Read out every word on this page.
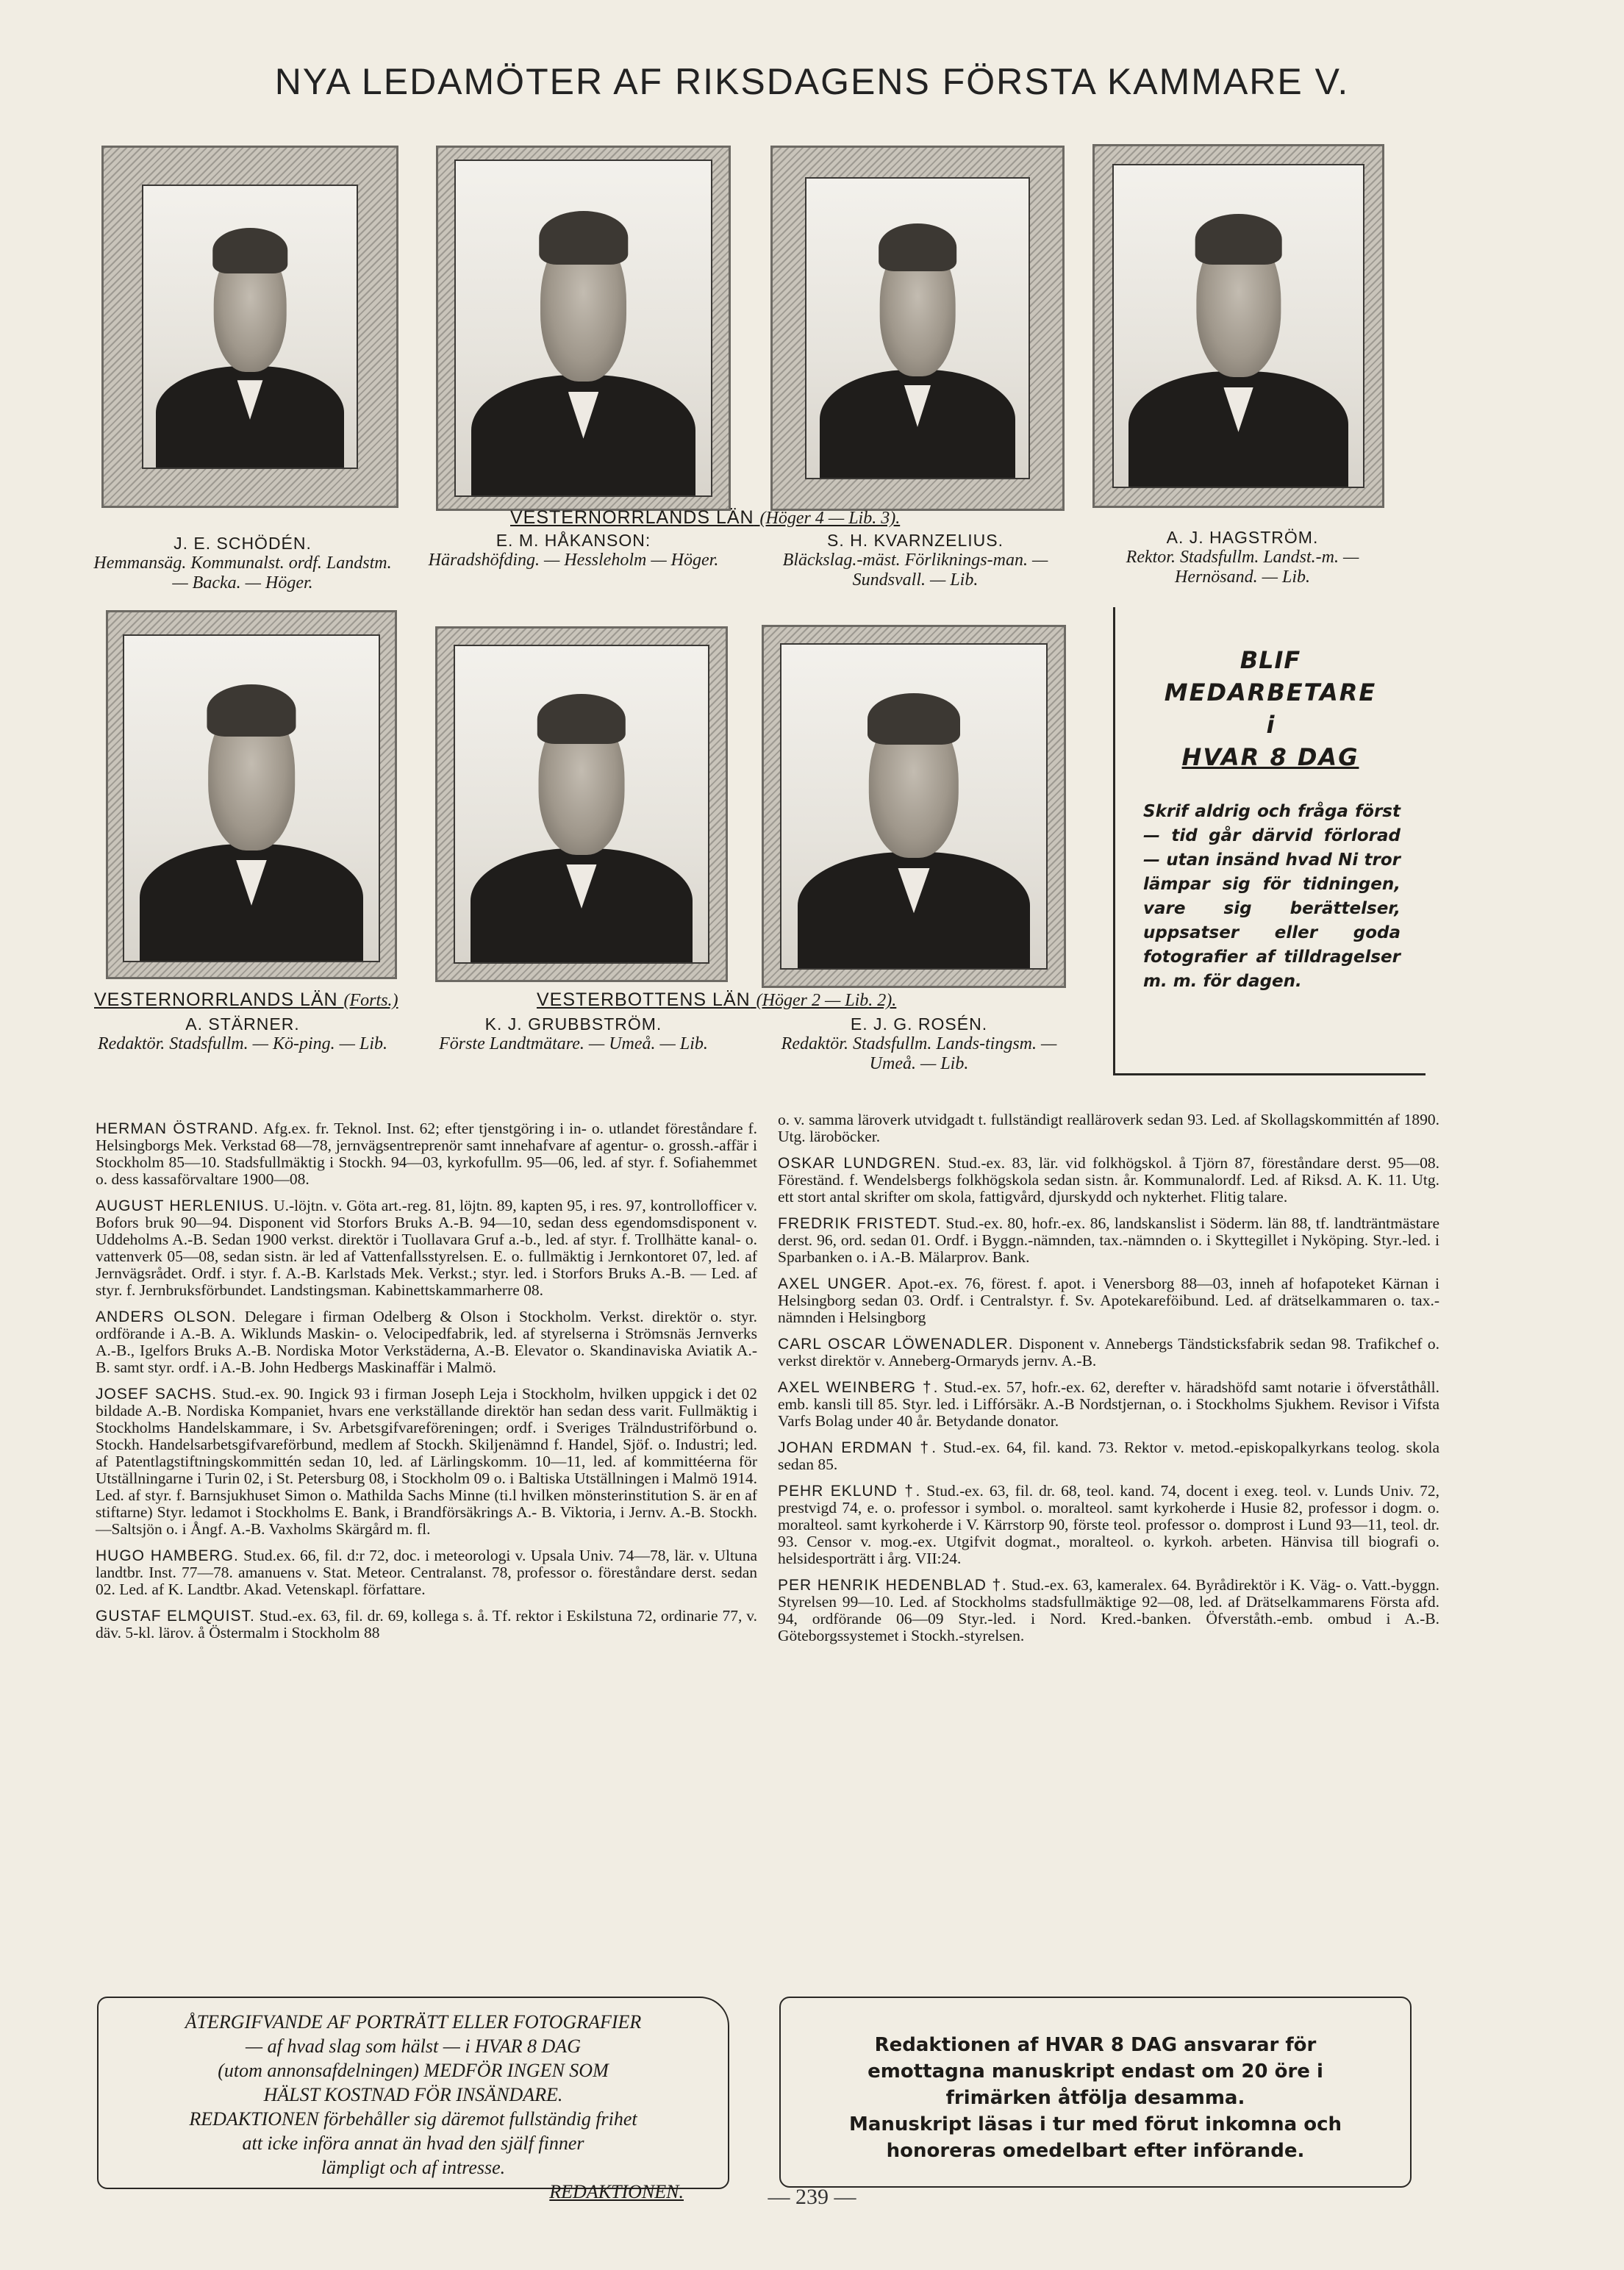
NYA LEDAMÖTER AF RIKSDAGENS FÖRSTA KAMMARE V.
VESTERNORRLANDS LÄN (Höger 4 — Lib. 3).
J. E. SCHÖDÉN.
Hemmansäg. Kommunalst. ordf. Landstm. — Backa. — Höger.
E. M. HÅKANSON:
Häradshöfding. — Hessleholm — Höger.
S. H. KVARNZELIUS.
Bläckslag.-mäst. Förliknings-man. — Sundsvall. — Lib.
A. J. HAGSTRÖM.
Rektor. Stadsfullm. Landst.-m. — Hernösand. — Lib.
BLIF
MEDARBETARE
i
HVAR 8 DAG
Skrif aldrig och fråga först — tid går därvid förlorad — utan insänd hvad Ni tror lämpar sig för tidningen, vare sig berättelser, uppsatser eller goda fotografier af tilldragelser m. m. för dagen.
VESTERNORRLANDS LÄN (Forts.)	VESTERBOTTENS LÄN (Höger 2 — Lib. 2).
A. STÄRNER.
Redaktör. Stadsfullm. — Kö-ping. — Lib.
K. J. GRUBBSTRÖM.
Förste Landtmätare. — Umeå. — Lib.
E. J. G. ROSÉN.
Redaktör. Stadsfullm. Lands-tingsm. — Umeå. — Lib.
HERMAN ÖSTRAND. Afg.ex. fr. Teknol. Inst. 62; efter tjenstgöring i in- o. utlandet föreståndare f. Helsingborgs Mek. Verkstad 68—78, jernvägsentreprenör samt innehafvare af agentur- o. grossh.-affär i Stockholm 85—10. Stadsfullmäktig i Stockh. 94—03, kyrkofullm. 95—06, led. af styr. f. Sofiahemmet o. dess kassaförvaltare 1900—08.
AUGUST HERLENIUS. U.-löjtn. v. Göta art.-reg. 81, löjtn. 89, kapten 95, i res. 97, kontrollofficer v. Bofors bruk 90—94. Disponent vid Storfors Bruks A.-B. 94—10, sedan dess egendomsdisponent v. Uddeholms A.-B. Sedan 1900 verkst. direktör i Tuollavara Gruf a.-b., led. af styr. f. Trollhätte kanal- o. vattenverk 05—08, sedan sistn. är led af Vattenfallsstyrelsen. E. o. fullmäktig i Jernkontoret 07, led. af Jernvägsrådet. Ordf. i styr. f. A.-B. Karlstads Mek. Verkst.; styr. led. i Storfors Bruks A.-B. — Led. af styr. f. Jernbruksförbundet. Landstingsman. Kabinettskammarherre 08.
ANDERS OLSON. Delegare i firman Odelberg & Olson i Stockholm. Verkst. direktör o. styr. ordförande i A.-B. A. Wiklunds Maskin- o. Velocipedfabrik, led. af styrelserna i Strömsnäs Jernverks A.-B., Igelfors Bruks A.-B. Nordiska Motor Verkstäderna, A.-B. Elevator o. Skandinaviska Aviatik A.-B. samt styr. ordf. i A.-B. John Hedbergs Maskinaffär i Malmö.
JOSEF SACHS. Stud.-ex. 90. Ingick 93 i firman Joseph Leja i Stockholm, hvilken uppgick i det 02 bildade A.-B. Nordiska Kompaniet, hvars ene verkställande direktör han sedan dess varit. Fullmäktig i Stockholms Handelskammare, i Sv. Arbetsgifvareföreningen; ordf. i Sveriges Trälndustriförbund o. Stockh. Handelsarbetsgifvareförbund, medlem af Stockh. Skiljenämnd f. Handel, Sjöf. o. Industri; led. af Patentlagstiftningskommittén sedan 10, led. af Lärlingskomm. 10—11, led. af kommittéerna för Utställningarne i Turin 02, i St. Petersburg 08, i Stockholm 09 o. i Baltiska Utställningen i Malmö 1914. Led. af styr. f. Barnsjukhuset Simon o. Mathilda Sachs Minne (ti.l hvilken mönsterinstitution S. är en af stiftarne) Styr. ledamot i Stockholms E. Bank, i Brandförsäkrings A.- B. Viktoria, i Jernv. A.-B. Stockh.—Saltsjön o. i Ångf. A.-B. Vaxholms Skärgård m. fl.
HUGO HAMBERG. Stud.ex. 66, fil. d:r 72, doc. i meteorologi v. Upsala Univ. 74—78, lär. v. Ultuna landtbr. Inst. 77—78. amanuens v. Stat. Meteor. Centralanst. 78, professor o. föreståndare derst. sedan 02. Led. af K. Landtbr. Akad. Vetenskapl. författare.
GUSTAF ELMQUIST. Stud.-ex. 63, fil. dr. 69, kollega s. å. Tf. rektor i Eskilstuna 72, ordinarie 77, v. däv. 5-kl. lärov. å Östermalm i Stockholm 88
o. v. samma läroverk utvidgadt t. fullständigt realläroverk sedan 93. Led. af Skollagskommittén af 1890. Utg. läroböcker.
OSKAR LUNDGREN. Stud.-ex. 83, lär. vid folkhögskol. å Tjörn 87, föreståndare derst. 95—08. Föreständ. f. Wendelsbergs folkhögskola sedan sistn. år. Kommunalordf. Led. af Riksd. A. K. 11. Utg. ett stort antal skrifter om skola, fattigvård, djurskydd och nykterhet. Flitig talare.
FREDRIK FRISTEDT. Stud.-ex. 80, hofr.-ex. 86, landskanslist i Söderm. län 88, tf. landträntmästare derst. 96, ord. sedan 01. Ordf. i Byggn.-nämnden, tax.-nämnden o. i Skyttegillet i Nyköping. Styr.-led. i Sparbanken o. i A.-B. Mälarprov. Bank.
AXEL UNGER. Apot.-ex. 76, förest. f. apot. i Venersborg 88—03, inneh af hofapoteket Kärnan i Helsingborg sedan 03. Ordf. i Centralstyr. f. Sv. Apotekareföibund. Led. af drätselkammaren o. tax.-nämnden i Helsingborg
CARL OSCAR LÖWENADLER. Disponent v. Annebergs Tändsticksfabrik sedan 98. Trafikchef o. verkst direktör v. Anneberg-Ormaryds jernv. A.-B.
AXEL WEINBERG †. Stud.-ex. 57, hofr.-ex. 62, derefter v. häradshöfd samt notarie i öfverståthåll. emb. kansli till 85. Styr. led. i Liffórsäkr. A.-B Nordstjernan, o. i Stockholms Sjukhem. Revisor i Vifsta Varfs Bolag under 40 år. Betydande donator.
JOHAN ERDMAN †. Stud.-ex. 64, fil. kand. 73. Rektor v. metod.-episkopalkyrkans teolog. skola sedan 85.
PEHR EKLUND †. Stud.-ex. 63, fil. dr. 68, teol. kand. 74, docent i exeg. teol. v. Lunds Univ. 72, prestvigd 74, e. o. professor i symbol. o. moralteol. samt kyrkoherde i Husie 82, professor i dogm. o. moralteol. samt kyrkoherde i V. Kärrstorp 90, förste teol. professor o. domprost i Lund 93—11, teol. dr. 93. Censor v. mog.-ex. Utgifvit dogmat., moralteol. o. kyrkoh. arbeten. Hänvisa till biografi o. helsidesporträtt i årg. VII:24.
PER HENRIK HEDENBLAD †. Stud.-ex. 63, kameralex. 64. Byrådirektör i K. Väg- o. Vatt.-byggn. Styrelsen 99—10. Led. af Stockholms stadsfullmäktige 92—08, led. af Drätselkammarens Första afd. 94, ordförande 06—09 Styr.-led. i Nord. Kred.-banken. Öfverståth.-emb. ombud i A.-B. Göteborgssystemet i Stockh.-styrelsen.
ÅTERGIFVANDE AF PORTRÄTT ELLER FOTOGRAFIER
— af hvad slag som hälst — i HVAR 8 DAG
(utom annonsafdelningen) MEDFÖR INGEN SOM
HÄLST KOSTNAD FÖR INSÄNDARE.
REDAKTIONEN förbehåller sig däremot fullständig frihet
att icke införa annat än hvad den själf finner
lämpligt och af intresse.
REDAKTIONEN.
Redaktionen af HVAR 8 DAG ansvarar för
emottagna manuskript endast om 20 öre i
frimärken åtfölja desamma.
Manuskript läsas i tur med förut inkomna och
honoreras omedelbart efter införande.
— 239 —
